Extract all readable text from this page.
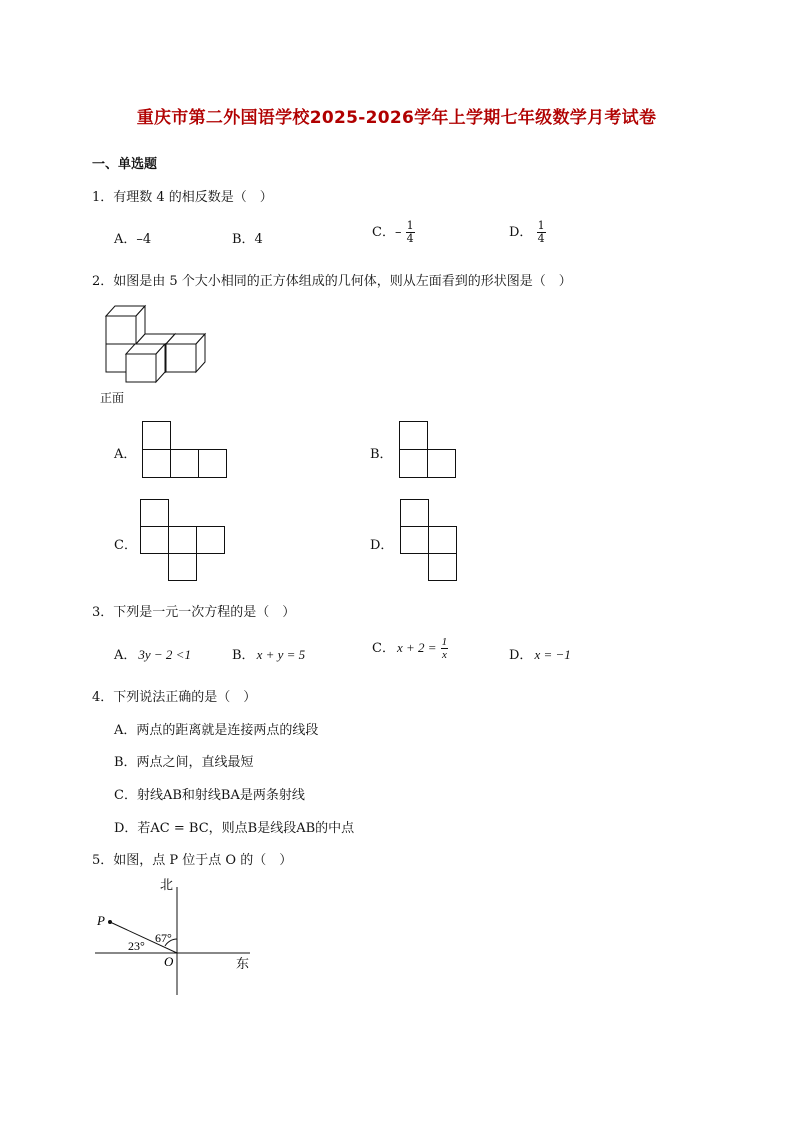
重庆市第二外国语学校2025-2026学年上学期七年级数学月考试卷
一、单选题
1．有理数 4 的相反数是（　）
A．–4	B．4	C．– $\frac{1}{4}$	D． $\frac{1}{4}$
2．如图是由 5 个大小相同的正方体组成的几何体，则从左面看到的形状图是（　）
正面
A．	B．
C．	D．
3．下列是一元一次方程的是（　）
A． 3y − 2 <1	B． x + y = 5	C． $x + 2 = \frac{1}{x}$	D． x = −1
4．下列说法正确的是（　）
A．两点的距离就是连接两点的线段
B．两点之间，直线最短
C．射线AB和射线BA是两条射线
D．若AC = BC，则点B是线段AB的中点
5．如图，点 P 位于点 O 的（　）
北
东
P
O
67°
23°
